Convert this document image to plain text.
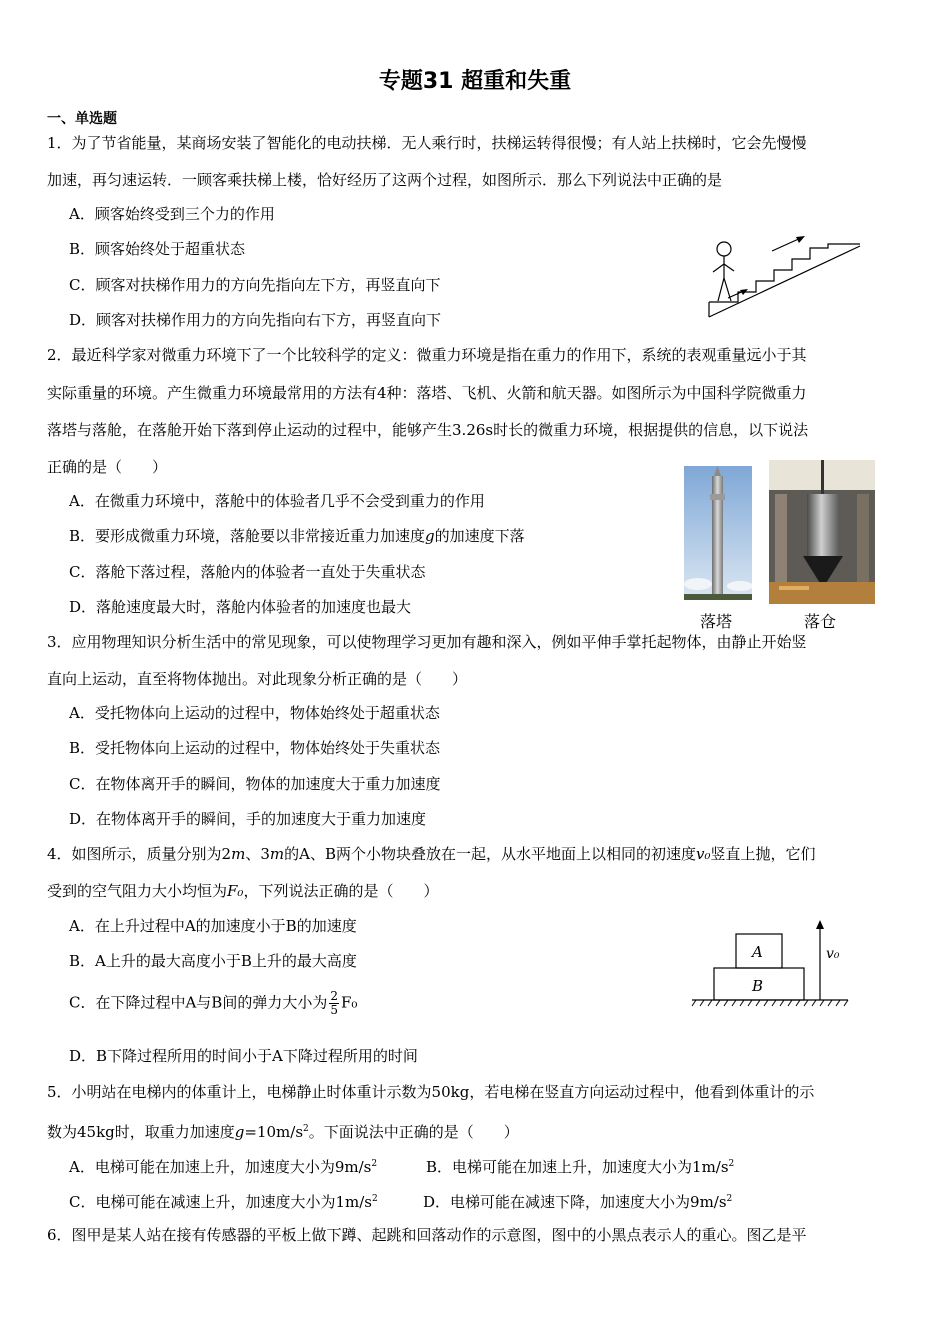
专题31 超重和失重
一、单选题
1．为了节省能量，某商场安装了智能化的电动扶梯．无人乘行时，扶梯运转得很慢；有人站上扶梯时，它会先慢慢
加速，再匀速运转．一顾客乘扶梯上楼，恰好经历了这两个过程，如图所示．那么下列说法中正确的是
A．顾客始终受到三个力的作用
B．顾客始终处于超重状态
C．顾客对扶梯作用力的方向先指向左下方，再竖直向下
D．顾客对扶梯作用力的方向先指向右下方，再竖直向下
2．最近科学家对微重力环境下了一个比较科学的定义：微重力环境是指在重力的作用下，系统的表观重量远小于其
实际重量的环境。产生微重力环境最常用的方法有4种：落塔、飞机、火箭和航天器。如图所示为中国科学院微重力
落塔与落舱，在落舱开始下落到停止运动的过程中，能够产生3.26s时长的微重力环境，根据提供的信息，以下说法
正确的是（　　）
A．在微重力环境中，落舱中的体验者几乎不会受到重力的作用
B．要形成微重力环境，落舱要以非常接近重力加速度g的加速度下落
C．落舱下落过程，落舱内的体验者一直处于失重状态
D．落舱速度最大时，落舱内体验者的加速度也最大
落塔	落仓
3．应用物理知识分析生活中的常见现象，可以使物理学习更加有趣和深入，例如平伸手掌托起物体，由静止开始竖
直向上运动，直至将物体抛出。对此现象分析正确的是（　　）
A．受托物体向上运动的过程中，物体始终处于超重状态
B．受托物体向上运动的过程中，物体始终处于失重状态
C．在物体离开手的瞬间，物体的加速度大于重力加速度
D．在物体离开手的瞬间，手的加速度大于重力加速度
4．如图所示，质量分别为2m、3m的A、B两个小物块叠放在一起，从水平地面上以相同的初速度v₀竖直上抛，它们
受到的空气阻力大小均恒为F₀，下列说法正确的是（　　）
A．在上升过程中A的加速度小于B的加速度
B．A上升的最大高度小于B上升的最大高度
C．在下降过程中A与B间的弹力大小为 $\frac{2}{5} F_0$
D．B下降过程所用的时间小于A下降过程所用的时间
A
B
v₀
5．小明站在电梯内的体重计上，电梯静止时体重计示数为50kg，若电梯在竖直方向运动过程中，他看到体重计的示
数为45kg时，取重力加速度$g=10m/s^2$。下面说法中正确的是（　　）
A．电梯可能在加速上升，加速度大小为$9m/s^2$	B．电梯可能在加速上升，加速度大小为$1m/s^2$
C．电梯可能在减速上升，加速度大小为$1m/s^2$	D．电梯可能在减速下降，加速度大小为$9m/s^2$
6．图甲是某人站在接有传感器的平板上做下蹲、起跳和回落动作的示意图，图中的小黑点表示人的重心。图乙是平
